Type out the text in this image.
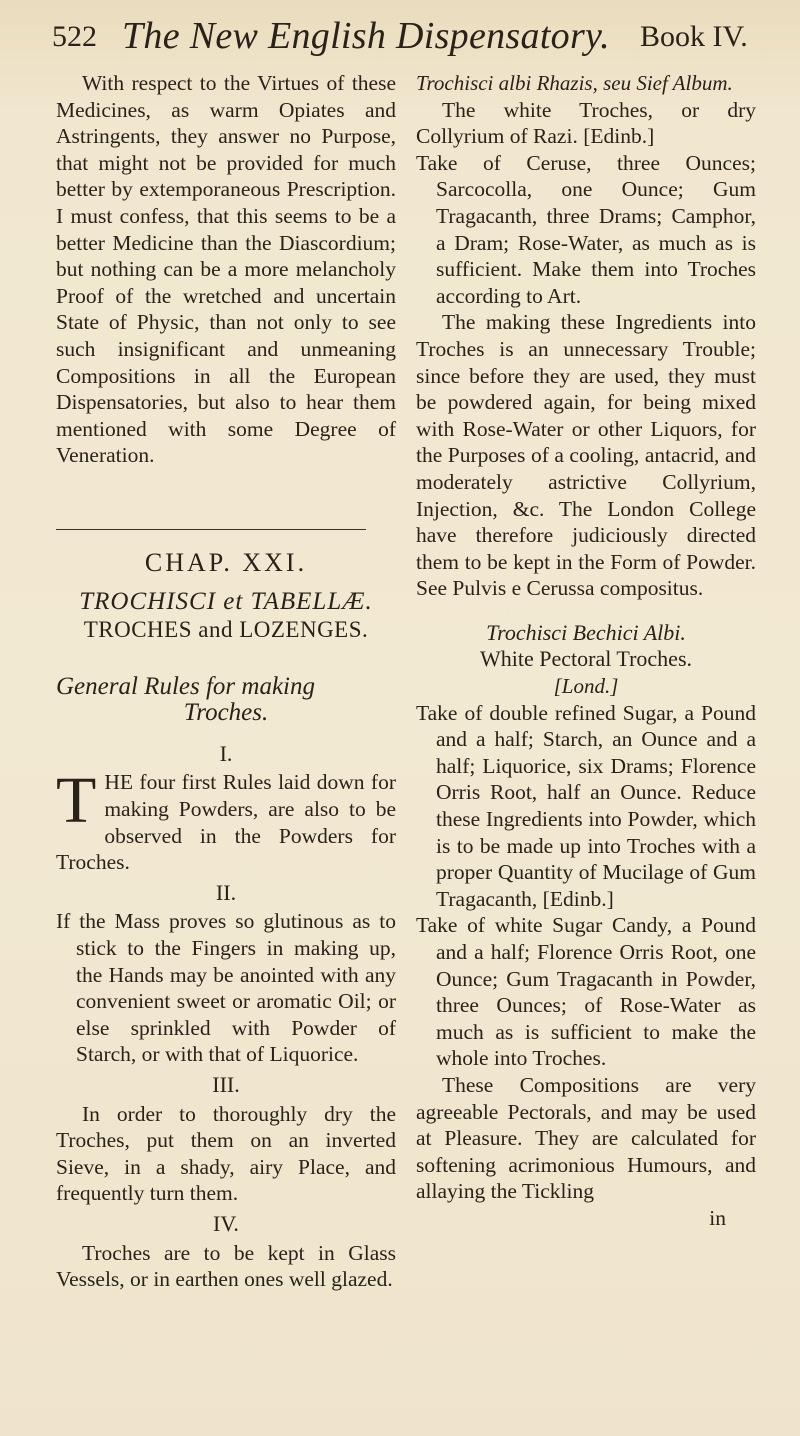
522 The New English Dispensatory. Book IV.

With respect to the Virtues of these Medicines, as warm Opiates and Astringents, they answer no Purpose, that might not be provided for much better by extemporaneous Prescription. I must confess, that this seems to be a better Medicine than the Diascordium; but nothing can be a more melancholy Proof of the wretched and uncertain State of Physic, than not only to see such insignificant and unmeaning Compositions in all the European Dispensatories, but also to hear them mentioned with some Degree of Veneration.

CHAP. XXI.
TROCHISCI et TABELLÆ.
TROCHES and LOZENGES.
General Rules for making
Troches.
I.

THE four first Rules laid down for making Powders, are also to be observed in the Powders for Troches.

II.

If the Mass proves so glutinous as to stick to the Fingers in making up, the Hands may be anointed with any convenient sweet or aromatic Oil; or else sprinkled with Powder of Starch, or with that of Liquorice.

III.

In order to thoroughly dry the Troches, put them on an inverted Sieve, in a shady, airy Place, and frequently turn them.

IV.

Troches are to be kept in Glass Vessels, or in earthen ones well glazed.

Trochisci albi Rhazis, seu Sief Album.

The white Troches, or dry Collyrium of Razi. [Edinb.]

Take of Ceruse, three Ounces; Sarcocolla, one Ounce; Gum Tragacanth, three Drams; Camphor, a Dram; Rose-Water, as much as is sufficient. Make them into Troches according to Art.

The making these Ingredients into Troches is an unnecessary Trouble; since before they are used, they must be powdered again, for being mixed with Rose-Water or other Liquors, for the Purposes of a cooling, antacrid, and moderately astrictive Collyrium, Injection, &c. The London College have therefore judiciously directed them to be kept in the Form of Powder. See Pulvis e Cerussa compositus.

Trochisci Bechici Albi.
White Pectoral Troches.
[Lond.]

Take of double refined Sugar, a Pound and a half; Starch, an Ounce and a half; Liquorice, six Drams; Florence Orris Root, half an Ounce. Reduce these Ingredients into Powder, which is to be made up into Troches with a proper Quantity of Mucilage of Gum Tragacanth, [Edinb.]

Take of white Sugar Candy, a Pound and a half; Florence Orris Root, one Ounce; Gum Tragacanth in Powder, three Ounces; of Rose-Water as much as is sufficient to make the whole into Troches.

These Compositions are very agreeable Pectorals, and may be used at Pleasure. They are calculated for softening acrimonious Humours, and allaying the Tickling

in
